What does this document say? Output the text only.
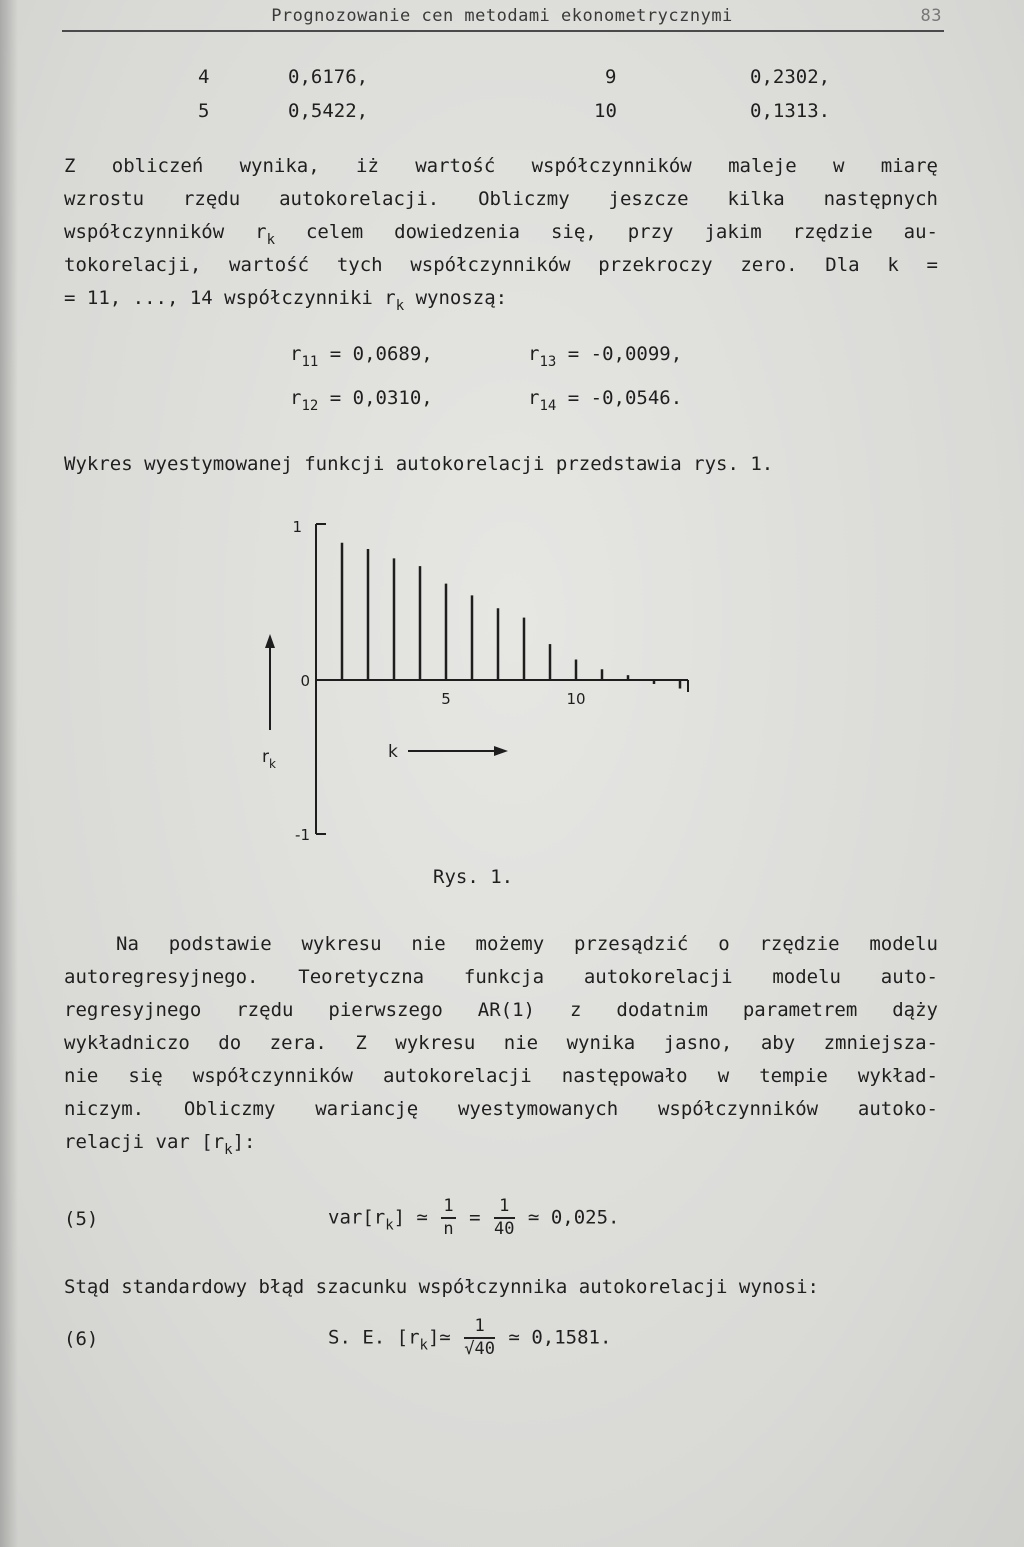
Prognozowanie cen metodami ekonometrycznymi	83
4	0,6176,	9	0,2302,
5	0,5422,	10	0,1313.
Z obliczeń wynika, iż wartość współczynników maleje w miarę
wzrostu rzędu autokorelacji. Obliczmy jeszcze kilka następnych
współczynników $r_k$ celem dowiedzenia się, przy jakim rzędzie au-
tokorelacji, wartość tych współczynników przekroczy zero. Dla k =
= 11, ..., 14 współczynniki $r_k$ wynoszą:
$r_{11} = 0,0689$,	$r_{13} = -0,0099$,
$r_{12} = 0,0310$,	$r_{14} = -0,0546$.
Wykres wyestymowanej funkcji autokorelacji przedstawia rys. 1.
1
0
-1
5	10
$r_k$
k
Rys. 1.
Na podstawie wykresu nie możemy przesądzić o rzędzie modelu
autoregresyjnego. Teoretyczna funkcja autokorelacji modelu auto-
regresyjnego rzędu pierwszego AR(1) z dodatnim parametrem dąży
wykładniczo do zera. Z wykresu nie wynika jasno, aby zmniejsza-
nie się współczynników autokorelacji następowało w tempie wykład-
niczym. Obliczmy wariancję wyestymowanych współczynników autoko-
relacji var $[r_k]$:
(5)	$var[r_k]$ ≃ $\frac{1}{n} = \frac{1}{40}$ ≃ 0,025.
Stąd standardowy błąd szacunku współczynnika autokorelacji wynosi:
(6)	S. E. $[r_k]≃ \frac{1}{√40}$ ≃ 0,1581.
